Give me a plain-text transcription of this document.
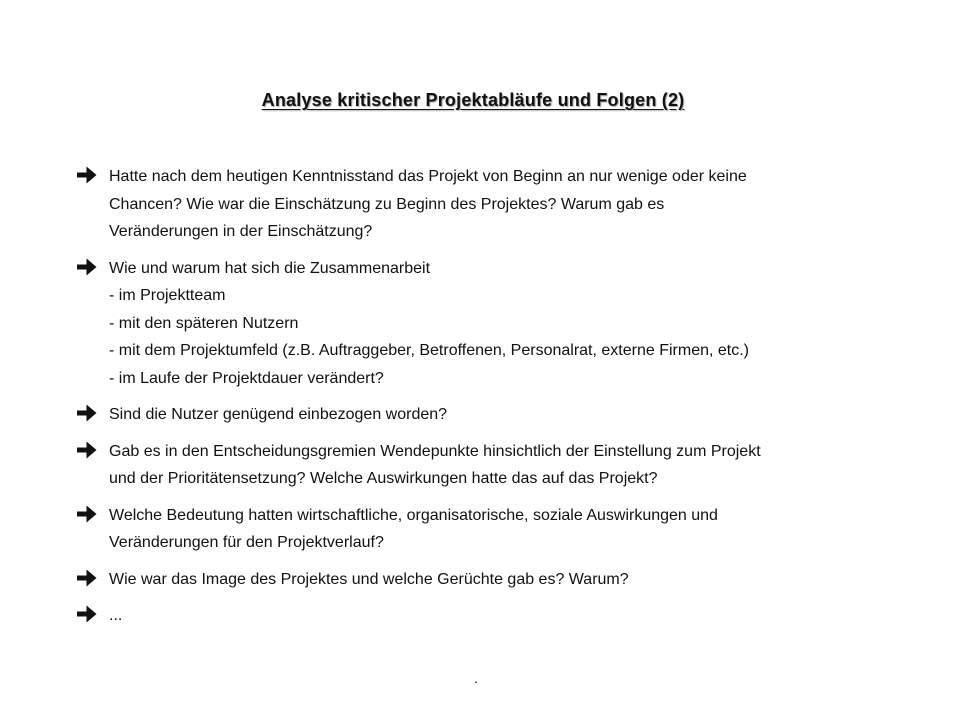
Analyse kritischer Projektabläufe und Folgen (2)
Hatte nach dem heutigen Kenntnisstand das Projekt von Beginn an nur wenige oder keine
Chancen? Wie war die Einschätzung zu Beginn des Projektes? Warum gab es
Veränderungen in der Einschätzung?
Wie und warum hat sich die Zusammenarbeit
- im Projektteam
- mit den späteren Nutzern
- mit dem Projektumfeld (z.B. Auftraggeber, Betroffenen, Personalrat, externe Firmen, etc.)
- im Laufe der Projektdauer verändert?
Sind die Nutzer genügend einbezogen worden?
Gab es in den Entscheidungsgremien Wendepunkte hinsichtlich der Einstellung zum Projekt
und der Prioritätensetzung? Welche Auswirkungen hatte das auf das Projekt?
Welche Bedeutung hatten wirtschaftliche, organisatorische, soziale Auswirkungen und
Veränderungen für den Projektverlauf?
Wie war das Image des Projektes und welche Gerüchte gab es? Warum?
...
.
